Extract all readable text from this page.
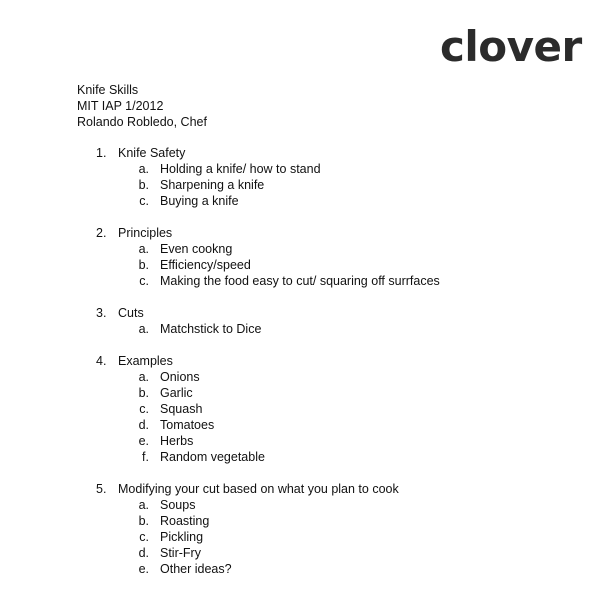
clover
Knife Skills
MIT IAP 1/2012
Rolando Robledo, Chef
1. Knife Safety
a. Holding a knife/ how to stand
b. Sharpening a knife
c. Buying a knife
2. Principles
a. Even cookng
b. Efficiency/speed
c. Making the food easy to cut/ squaring off surrfaces
3. Cuts
a. Matchstick to Dice
4. Examples
a. Onions
b. Garlic
c. Squash
d. Tomatoes
e. Herbs
f. Random vegetable
5. Modifying your cut based on what you plan to cook
a. Soups
b. Roasting
c. Pickling
d. Stir-Fry
e. Other ideas?
